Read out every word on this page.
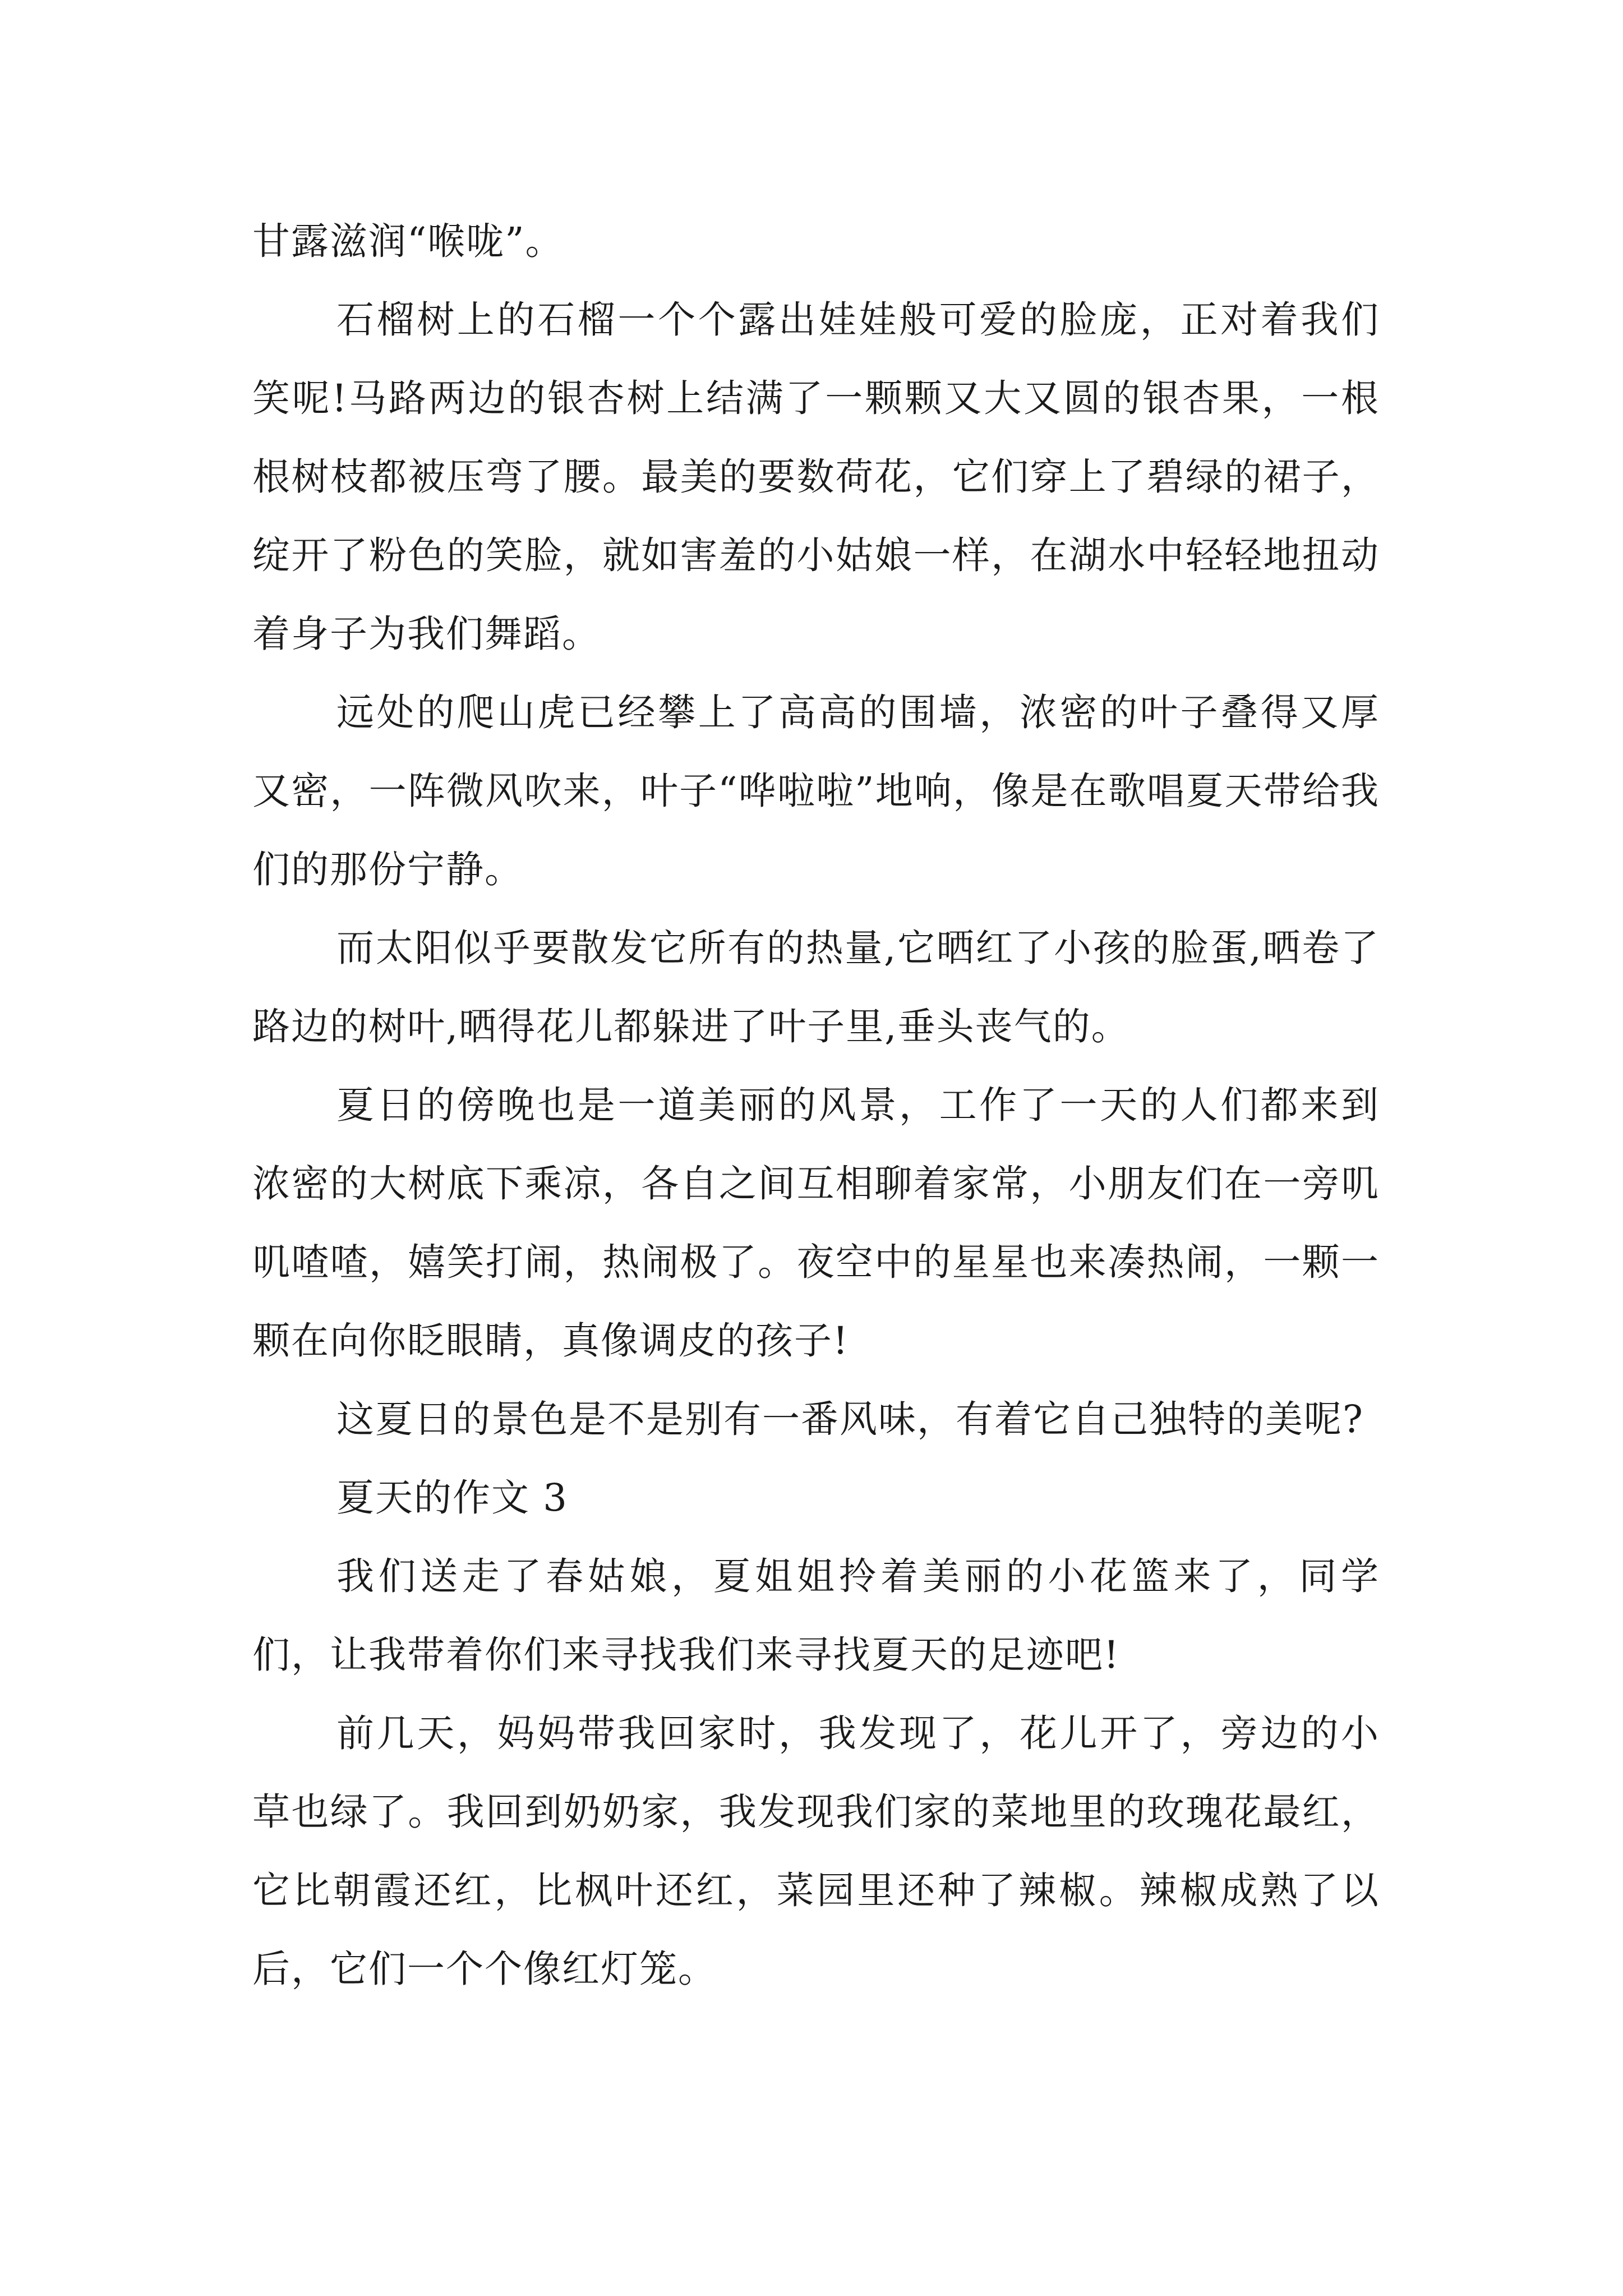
甘露滋润“喉咙”。

石榴树上的石榴一个个露出娃娃般可爱的脸庞，正对着我们笑呢!马路两边的银杏树上结满了一颗颗又大又圆的银杏果，一根根树枝都被压弯了腰。最美的要数荷花，它们穿上了碧绿的裙子，绽开了粉色的笑脸，就如害羞的小姑娘一样，在湖水中轻轻地扭动着身子为我们舞蹈。

远处的爬山虎已经攀上了高高的围墙，浓密的叶子叠得又厚又密，一阵微风吹来，叶子“哗啦啦”地响，像是在歌唱夏天带给我们的那份宁静。

而太阳似乎要散发它所有的热量,它晒红了小孩的脸蛋,晒卷了路边的树叶,晒得花儿都躲进了叶子里,垂头丧气的。

夏日的傍晚也是一道美丽的风景，工作了一天的人们都来到浓密的大树底下乘凉，各自之间互相聊着家常，小朋友们在一旁叽叽喳喳，嬉笑打闹，热闹极了。夜空中的星星也来凑热闹，一颗一颗在向你眨眼睛，真像调皮的孩子!

这夏日的景色是不是别有一番风味，有着它自己独特的美呢?

夏天的作文 3

我们送走了春姑娘，夏姐姐拎着美丽的小花篮来了，同学们，让我带着你们来寻找我们来寻找夏天的足迹吧!

前几天，妈妈带我回家时，我发现了，花儿开了，旁边的小草也绿了。我回到奶奶家，我发现我们家的菜地里的玫瑰花最红，它比朝霞还红，比枫叶还红，菜园里还种了辣椒。辣椒成熟了以后，它们一个个像红灯笼。
